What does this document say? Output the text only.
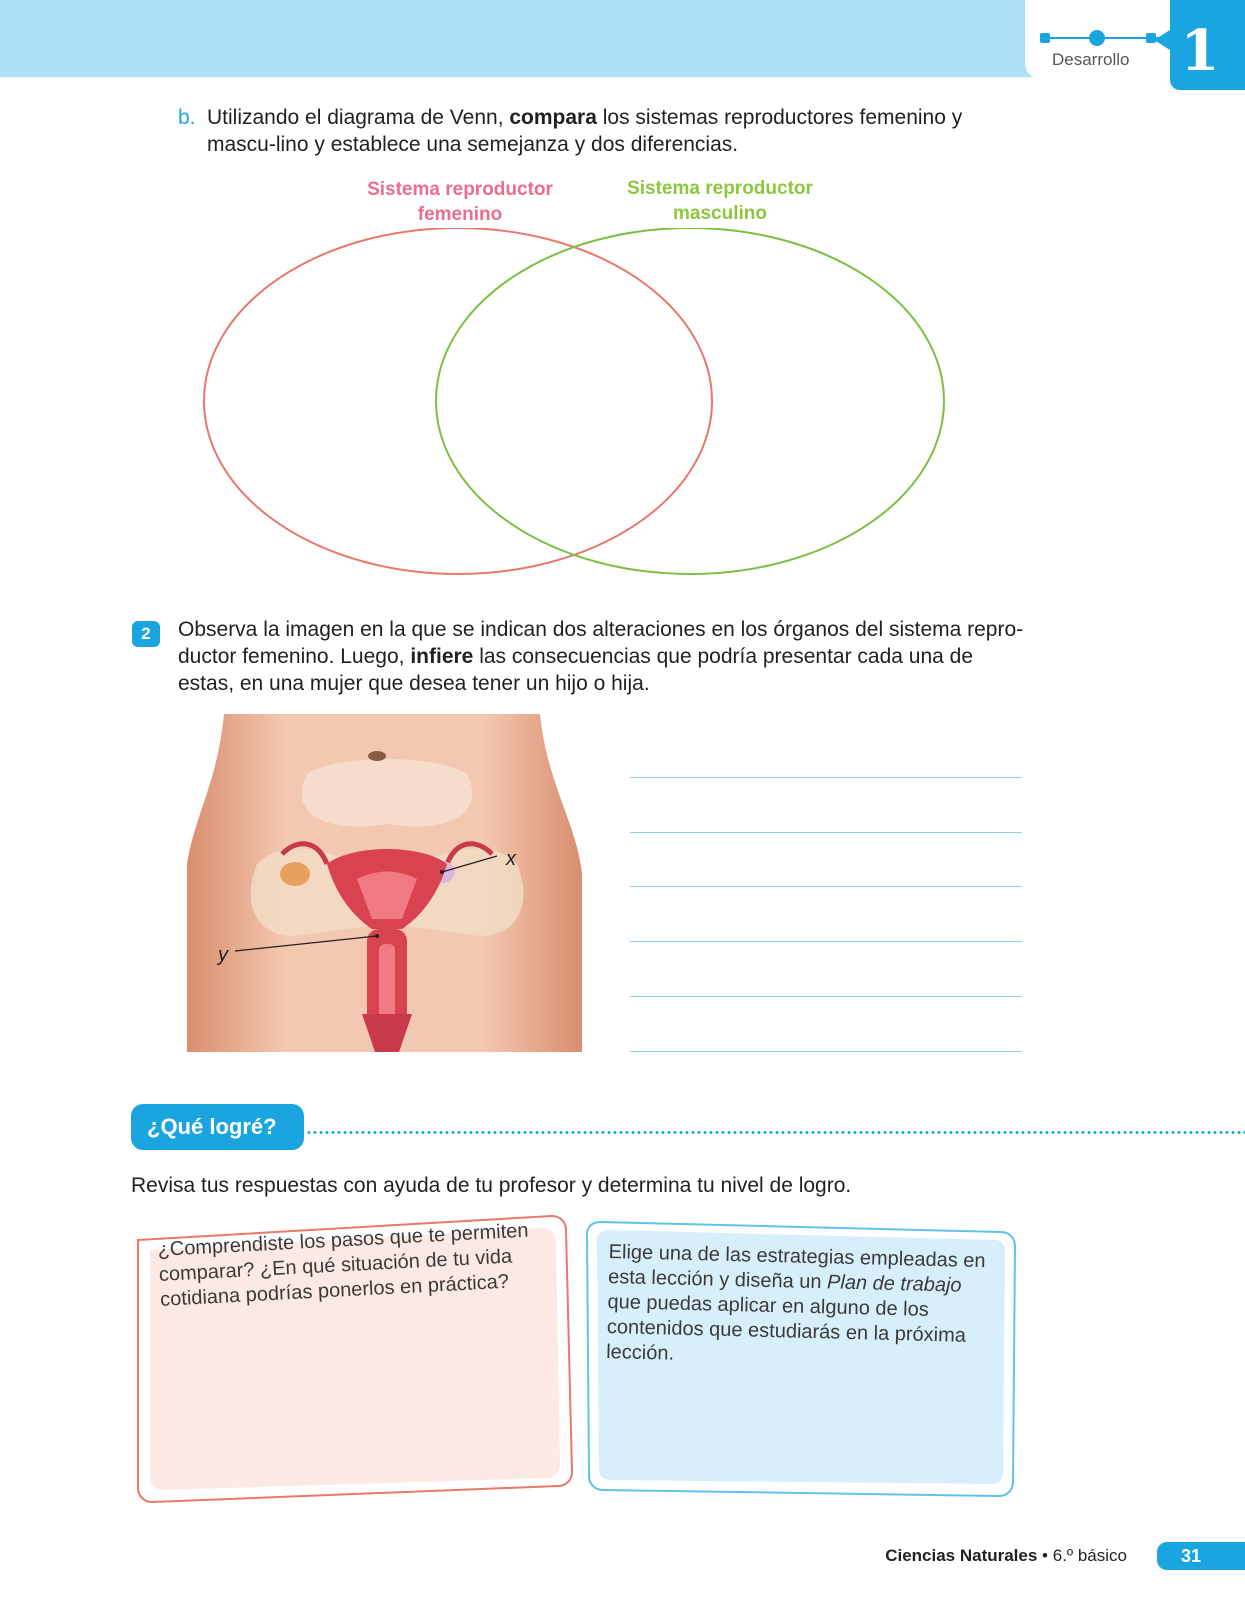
Desarrollo 1
b. Utilizando el diagrama de Venn, compara los sistemas reproductores femenino y mascu-lino y establece una semejanza y dos diferencias.
Sistema reproductor
femenino
Sistema reproductor
masculino
2	Observa la imagen en la que se indican dos alteraciones en los órganos del sistema repro-ductor femenino. Luego, infiere las consecuencias que podría presentar cada una de estas, en una mujer que desea tener un hijo o hija.
x
y
¿Qué logré?
Revisa tus respuestas con ayuda de tu profesor y determina tu nivel de logro.
¿Comprendiste los pasos que te permiten comparar? ¿En qué situación de tu vida cotidiana podrías ponerlos en práctica?
Elige una de las estrategias empleadas en esta lección y diseña un Plan de trabajo que puedas aplicar en alguno de los contenidos que estudiarás en la próxima lección.
Ciencias Naturales • 6.º básico	31
